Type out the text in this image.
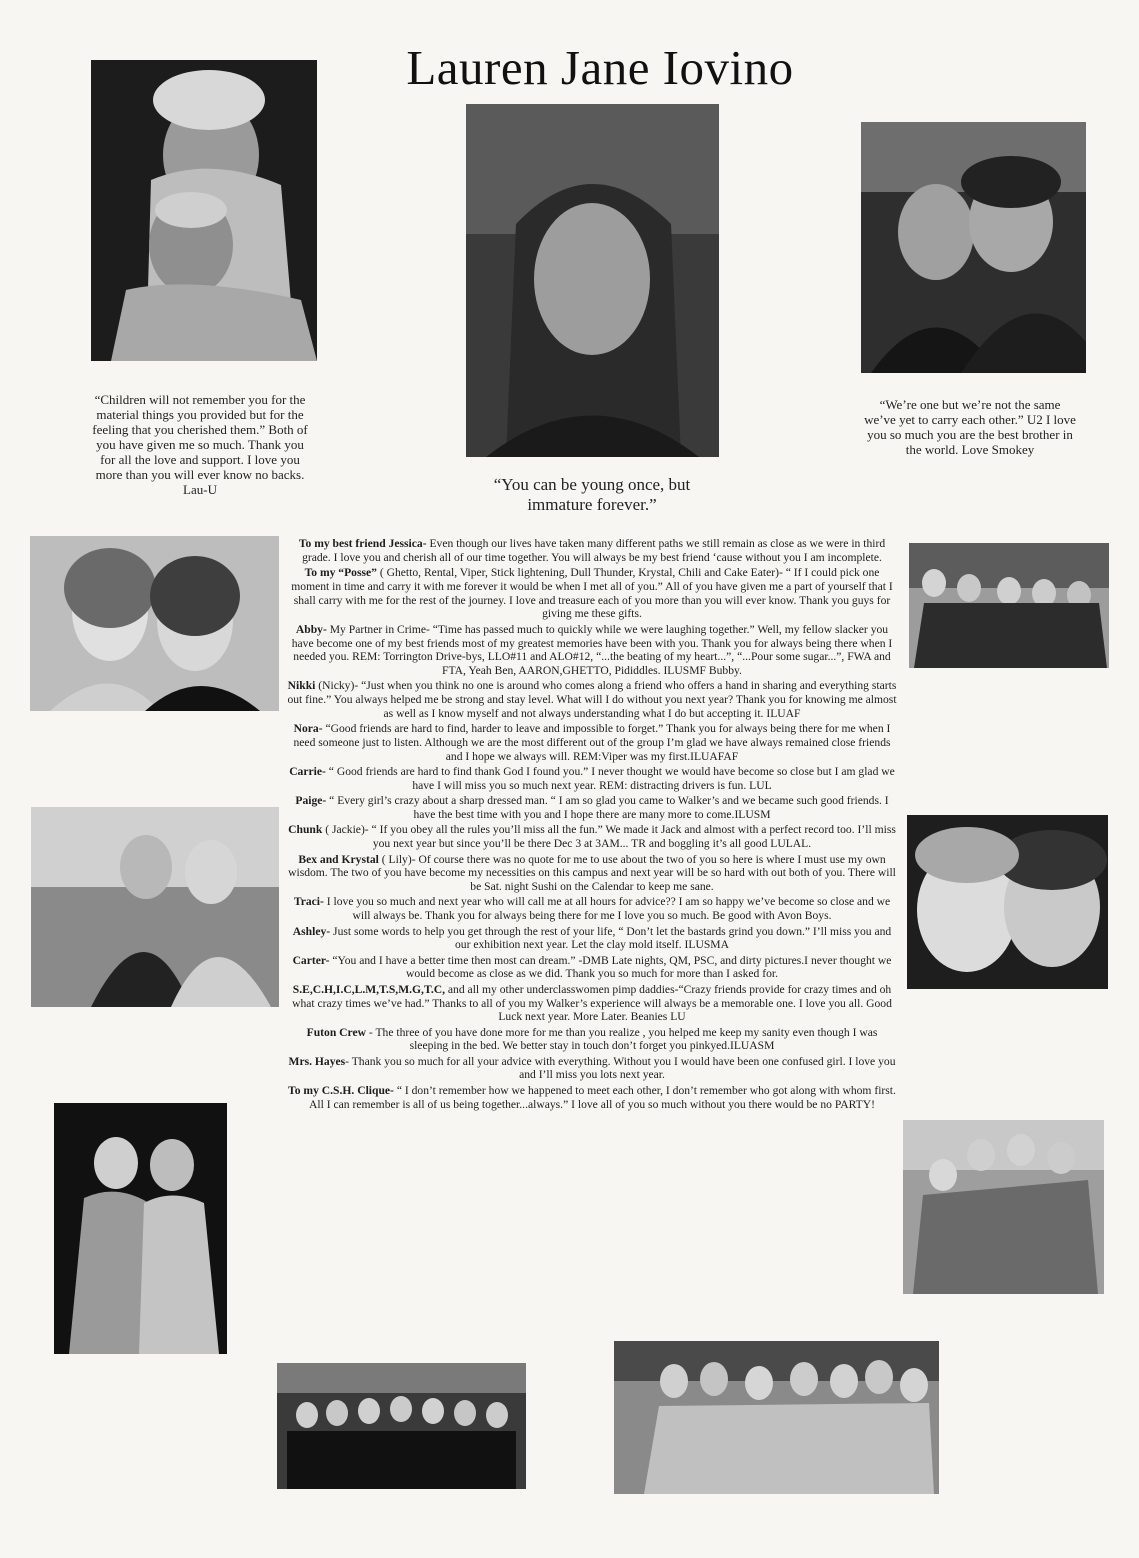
Lauren Jane Iovino
“Children will not remember you for the material things you provided but for the feeling that you cherished them.” Both of you have given me so much. Thank you for all the love and support. I love you more than you will ever know no backs. Lau-U	“You can be young once, but immature forever.”
“We’re one but we’re not the same we’ve yet to carry each other.” U2 I love you so much you are the best brother in the world. Love Smokey

To my best friend Jessica- Even though our lives have taken many different paths we still remain as close as we were in third grade. I love you and cherish all of our time together. You will always be my best friend ‘cause without you I am incomplete.

To my “Posse” ( Ghetto, Rental, Viper, Stick lightening, Dull Thunder, Krystal, Chili and Cake Eater)- “ If I could pick one moment in time and carry it with me forever it would be when I met all of you.” All of you have given me a part of yourself that I shall carry with me for the rest of the journey. I love and treasure each of you more than you will ever know. Thank you guys for giving me these gifts.

Abby- My Partner in Crime- “Time has passed much to quickly while we were laughing together.” Well, my fellow slacker you have become one of my best friends most of my greatest memories have been with you. Thank you for always being there when I needed you. REM: Torrington Drive-bys, LLO#11 and ALO#12, “...the beating of my heart...”, “...Pour some sugar...”, FWA and FTA, Yeah Ben, AARON,GHETTO, Pididdles. ILUSMF Bubby.

Nikki (Nicky)- “Just when you think no one is around who comes along a friend who offers a hand in sharing and everything starts out fine.” You always helped me be strong and stay level. What will I do without you next year? Thank you for knowing me almost as well as I know myself and not always understanding what I do but accepting it. ILUAF

Nora- “Good friends are hard to find, harder to leave and impossible to forget.” Thank you for always being there for me when I need someone just to listen. Although we are the most different out of the group I’m glad we have always remained close friends and I hope we always will. REM:Viper was my first.ILUAFAF

Carrie- “ Good friends are hard to find thank God I found you.” I never thought we would have become so close but I am glad we have I will miss you so much next year. REM: distracting drivers is fun. LUL

Paige- “ Every girl’s crazy about a sharp dressed man. “ I am so glad you came to Walker’s and we became such good friends. I have the best time with you and I hope there are many more to come.ILUSM

Chunk ( Jackie)- “ If you obey all the rules you’ll miss all the fun.” We made it Jack and almost with a perfect record too. I’ll miss you next year but since you’ll be there Dec 3 at 3AM... TR and boggling it’s all good LULAL.

Bex and Krystal ( Lily)- Of course there was no quote for me to use about the two of you so here is where I must use my own wisdom. The two of you have become my necessities on this campus and next year will be so hard with out both of you. There will be Sat. night Sushi on the Calendar to keep me sane.

Traci- I love you so much and next year who will call me at all hours for advice?? I am so happy we’ve become so close and we will always be. Thank you for always being there for me I love you so much. Be good with Avon Boys.

Ashley- Just some words to help you get through the rest of your life, “ Don’t let the bastards grind you down.” I’ll miss you and our exhibition next year. Let the clay mold itself. ILUSMA

Carter- “You and I have a better time then most can dream.” -DMB Late nights, QM, PSC, and dirty pictures.I never thought we would become as close as we did. Thank you so much for more than I asked for.

S.E,C.H,I.C,L.M,T.S,M.G,T.C, and all my other underclasswomen pimp daddies-“Crazy friends provide for crazy times and oh what crazy times we’ve had.” Thanks to all of you my Walker’s experience will always be a memorable one. I love you all. Good Luck next year. More Later. Beanies LU

Futon Crew - The three of you have done more for me than you realize , you helped me keep my sanity even though I was sleeping in the bed. We better stay in touch don’t forget you pinkyed.ILUASM

Mrs. Hayes- Thank you so much for all your advice with everything. Without you I would have been one confused girl. I love you and I’ll miss you lots next year.

To my C.S.H. Clique- “ I don’t remember how we happened to meet each other, I don’t remember who got along with whom first. All I can remember is all of us being together...always.” I love all of you so much without you there would be no PARTY!
